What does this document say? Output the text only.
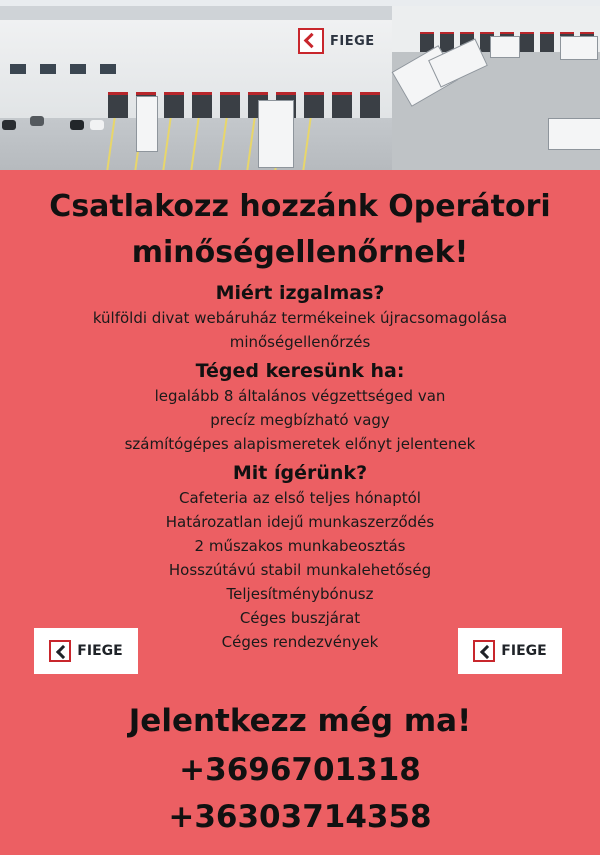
FIEGE
Csatlakozz hozzánk Operátori
minőségellenőrnek!

Miért izgalmas?

külföldi divat webáruház termékeinek újracsomagolása

minőségellenőrzés

Téged keresünk ha:

legalább 8 általános végzettséged van

precíz megbízható vagy

számítógépes alapismeretek előnyt jelentenek

Mit ígérünk?

Cafeteria az első teljes hónaptól

Határozatlan idejű munkaszerződés

2 műszakos munkabeosztás

Hosszútávú stabil munkalehetőség

Teljesítménybónusz

Céges buszjárat

Céges rendezvények

FIEGE	FIEGE
Jelentkezz még ma!
+3696701318
+36303714358
